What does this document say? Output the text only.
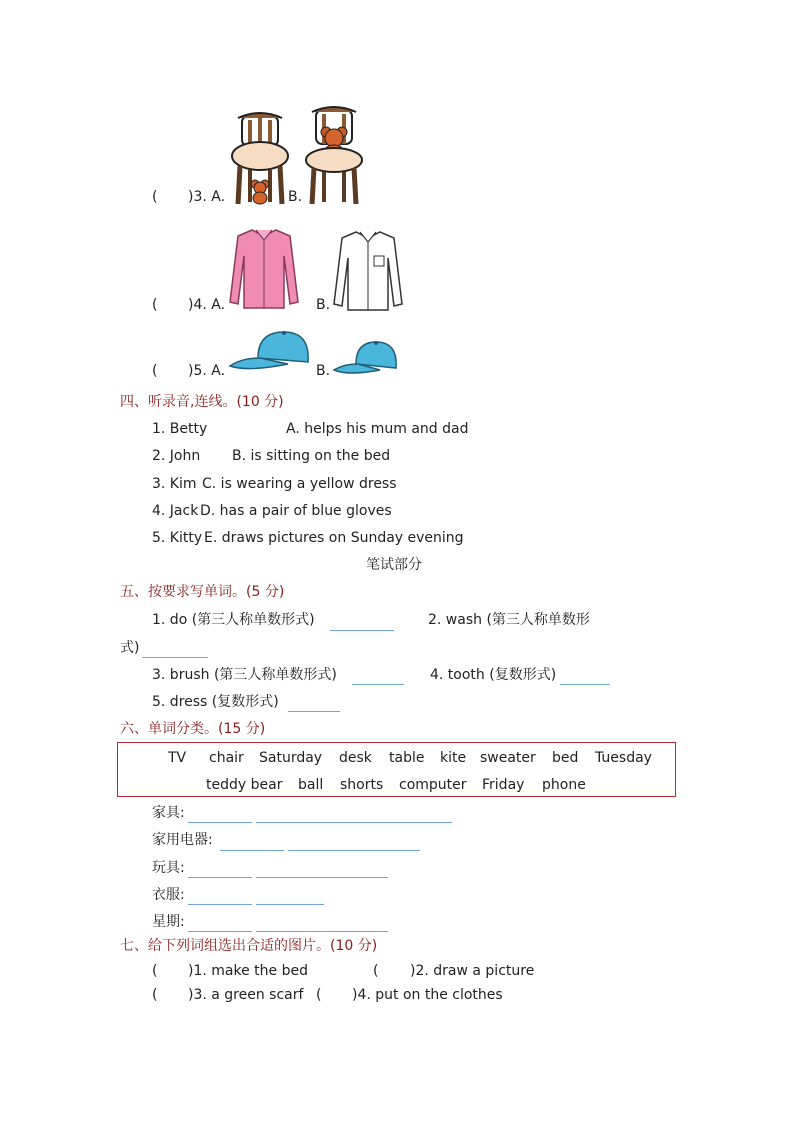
( )3. A.	B.
( )4. A.	B.
( )5. A.	B.
四、听录音,连线。(10 分)
1. Betty	A. helps his mum and dad
2. John B. is sitting on the bed
3. Kim C. is wearing a yellow dress
4. Jack D. has a pair of blue gloves
5. Kitty E. draws pictures on Sunday evening
笔试部分
五、按要求写单词。(5 分)
1. do (第三人称单数形式)	2. wash (第三人称单数形
式)
3. brush (第三人称单数形式)	4. tooth (复数形式)
5. dress (复数形式)
六、单词分类。(15 分)
TV chair Saturday desk table kite sweater bed Tuesday
teddy bear ball shorts computer Friday phone
家具:
家用电器:
玩具:
衣服:
星期:
七、给下列词组选出合适的图片。(10 分)
( )1. make the bed	( )2. draw a picture
( )3. a green scarf ( )4. put on the clothes
